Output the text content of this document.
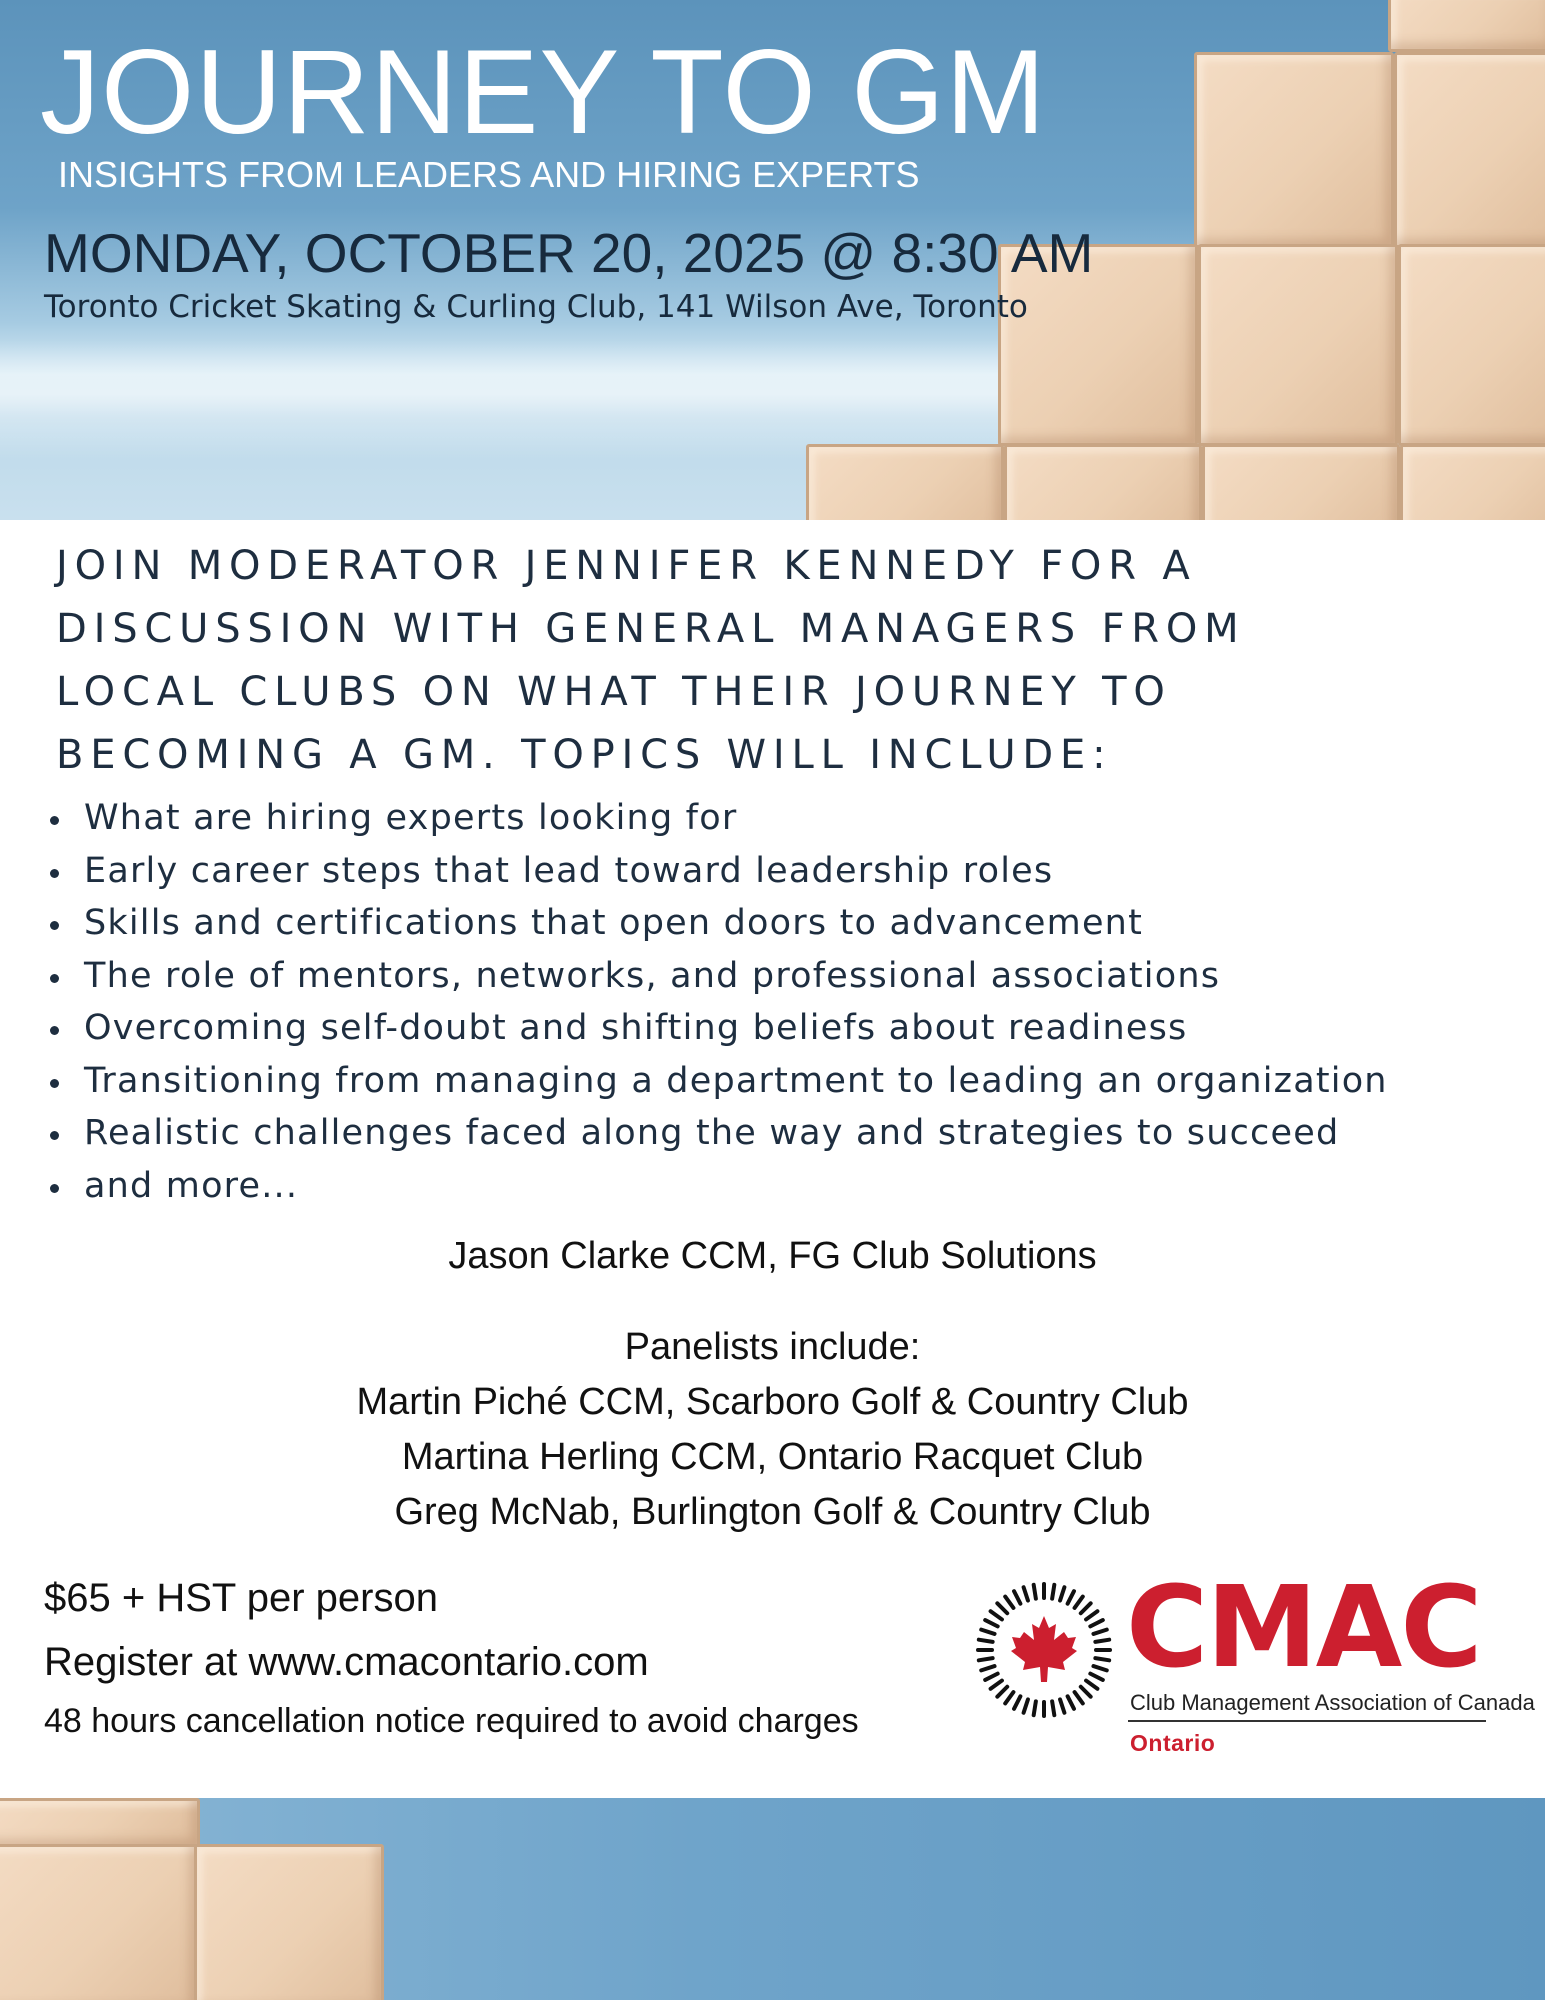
JOURNEY TO GM
INSIGHTS FROM LEADERS AND HIRING EXPERTS
MONDAY, OCTOBER 20, 2025 @ 8:30 AM
Toronto Cricket Skating & Curling Club, 141 Wilson Ave, Toronto
JOIN MODERATOR JENNIFER KENNEDY FOR A
DISCUSSION WITH GENERAL MANAGERS FROM
LOCAL CLUBS ON WHAT THEIR JOURNEY TO
BECOMING A GM. TOPICS WILL INCLUDE:
What are hiring experts looking for
Early career steps that lead toward leadership roles
Skills and certifications that open doors to advancement
The role of mentors, networks, and professional associations
Overcoming self-doubt and shifting beliefs about readiness
Transitioning from managing a department to leading an organization
Realistic challenges faced along the way and strategies to succeed
and more...
Jason Clarke CCM, FG Club Solutions
Panelists include:
Martin Piché CCM, Scarboro Golf & Country Club
Martina Herling CCM, Ontario Racquet Club
Greg McNab, Burlington Golf & Country Club
$65 + HST per person
Register at www.cmacontario.com
48 hours cancellation notice required to avoid charges
CMAC
Club Management Association of Canada
Ontario
